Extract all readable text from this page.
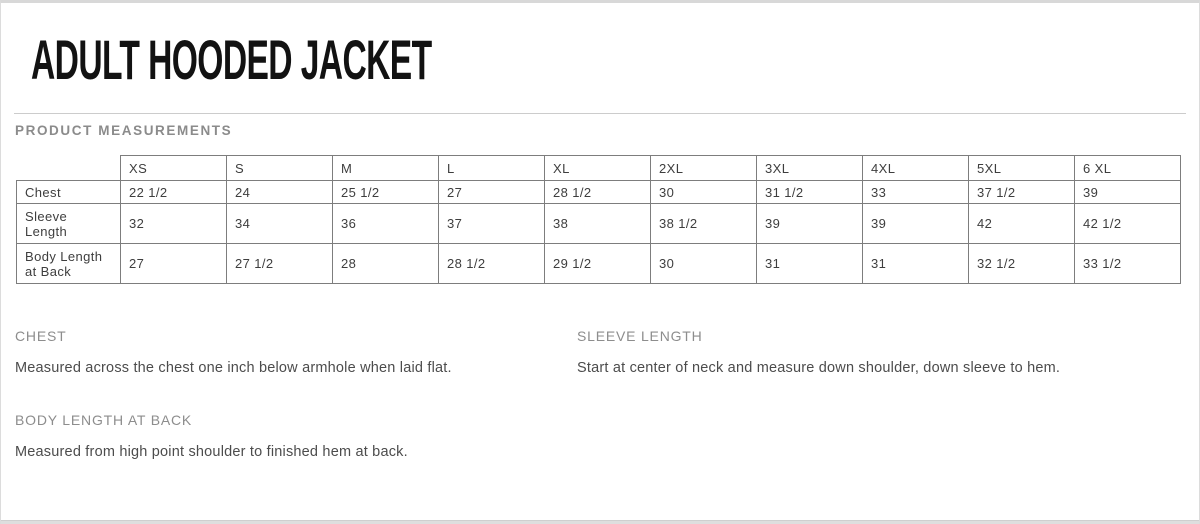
ADULT HOODED JACKET
PRODUCT MEASUREMENTS
	XS	S	M	L	XL	2XL	3XL	4XL	5XL	6 XL
Chest	22 1/2	24	25 1/2	27	28 1/2	30	31 1/2	33	37 1/2	39
Sleeve Length	32	34	36	37	38	38 1/2	39	39	42	42 1/2
Body Length at Back	27	27 1/2	28	28 1/2	29 1/2	30	31	31	32 1/2	33 1/2
CHEST
Measured across the chest one inch below armhole when laid flat.
SLEEVE LENGTH
Start at center of neck and measure down shoulder, down sleeve to hem.
BODY LENGTH AT BACK
Measured from high point shoulder to finished hem at back.
